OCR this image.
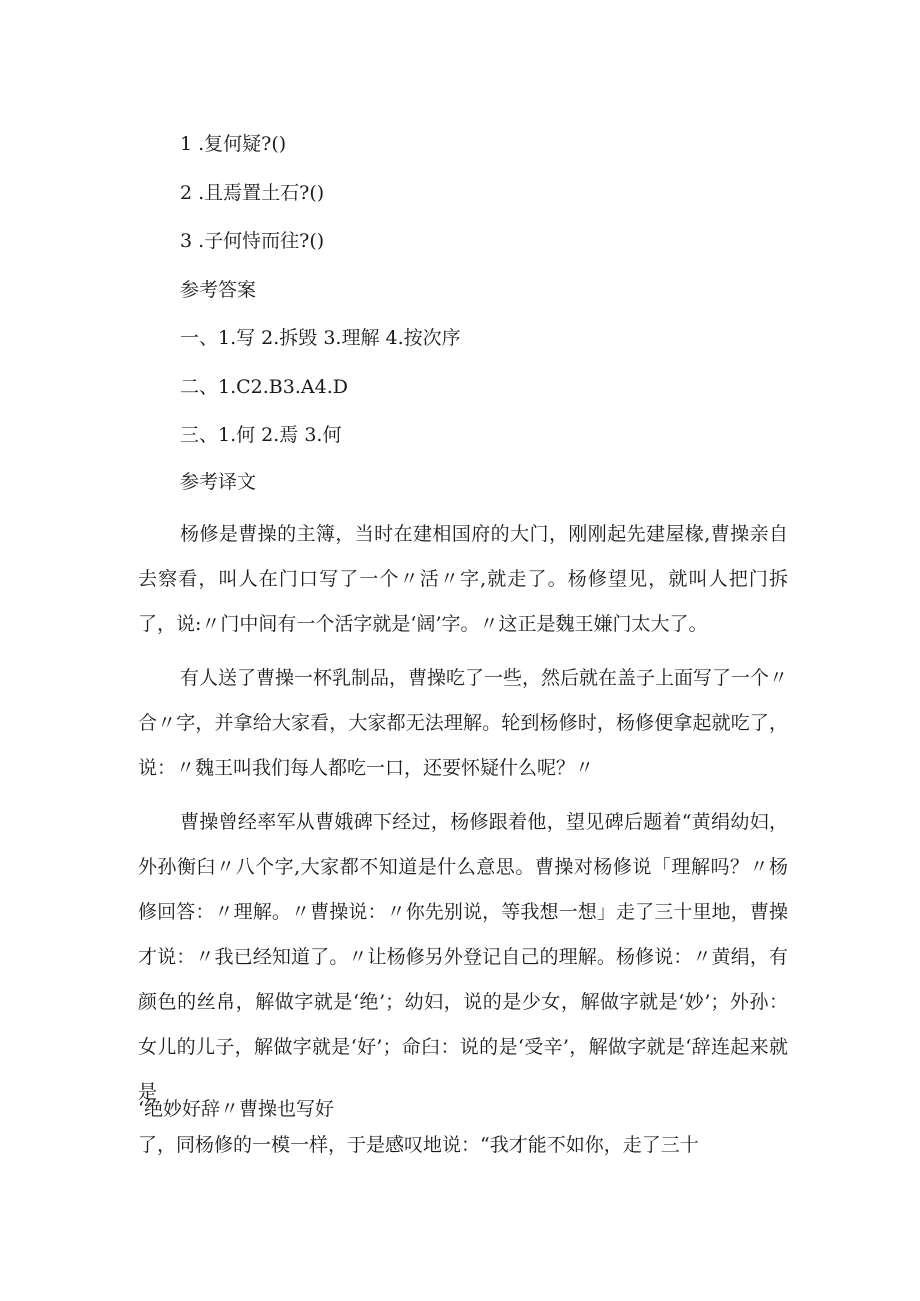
1 .复何疑?()
2 .且焉置土石?()
3 .子何恃而往?()
参考答案
一、1.写 2.拆毁 3.理解 4.按次序
二、1.C2.B3.A4.D
三、1.何 2.焉 3.何
参考译文
杨修是曹操的主簿，当时在建相国府的大门，刚刚起先建屋椽,曹操亲自去察看，叫人在门口写了一个〃活〃字,就走了。杨修望见，就叫人把门拆了，说:〃门中间有一个活字就是‘阔’字。〃这正是魏王嫌门太大了。
有人送了曹操一杯乳制品，曹操吃了一些，然后就在盖子上面写了一个〃合〃字，并拿给大家看，大家都无法理解。轮到杨修时，杨修便拿起就吃了，说：〃魏王叫我们每人都吃一口，还要怀疑什么呢？〃
曹操曾经率军从曹娥碑下经过，杨修跟着他，望见碑后题着“黄绢幼妇，外孙衡臼〃八个字,大家都不知道是什么意思。曹操对杨修说「理解吗？〃杨修回答：〃理解。〃曹操说：〃你先别说，等我想一想」走了三十里地，曹操才说：〃我已经知道了。〃让杨修另外登记自己的理解。杨修说：〃黄绢，有颜色的丝帛，解做字就是‘绝’；幼妇，说的是少女，解做字就是‘妙’；外孙：女儿的儿子，解做字就是‘好’；命臼：说的是‘受辛’，解做字就是‘辞连起来就是
‘绝妙好辞〃曹操也写好
了，同杨修的一模一样，于是感叹地说：“我才能不如你，走了三十
